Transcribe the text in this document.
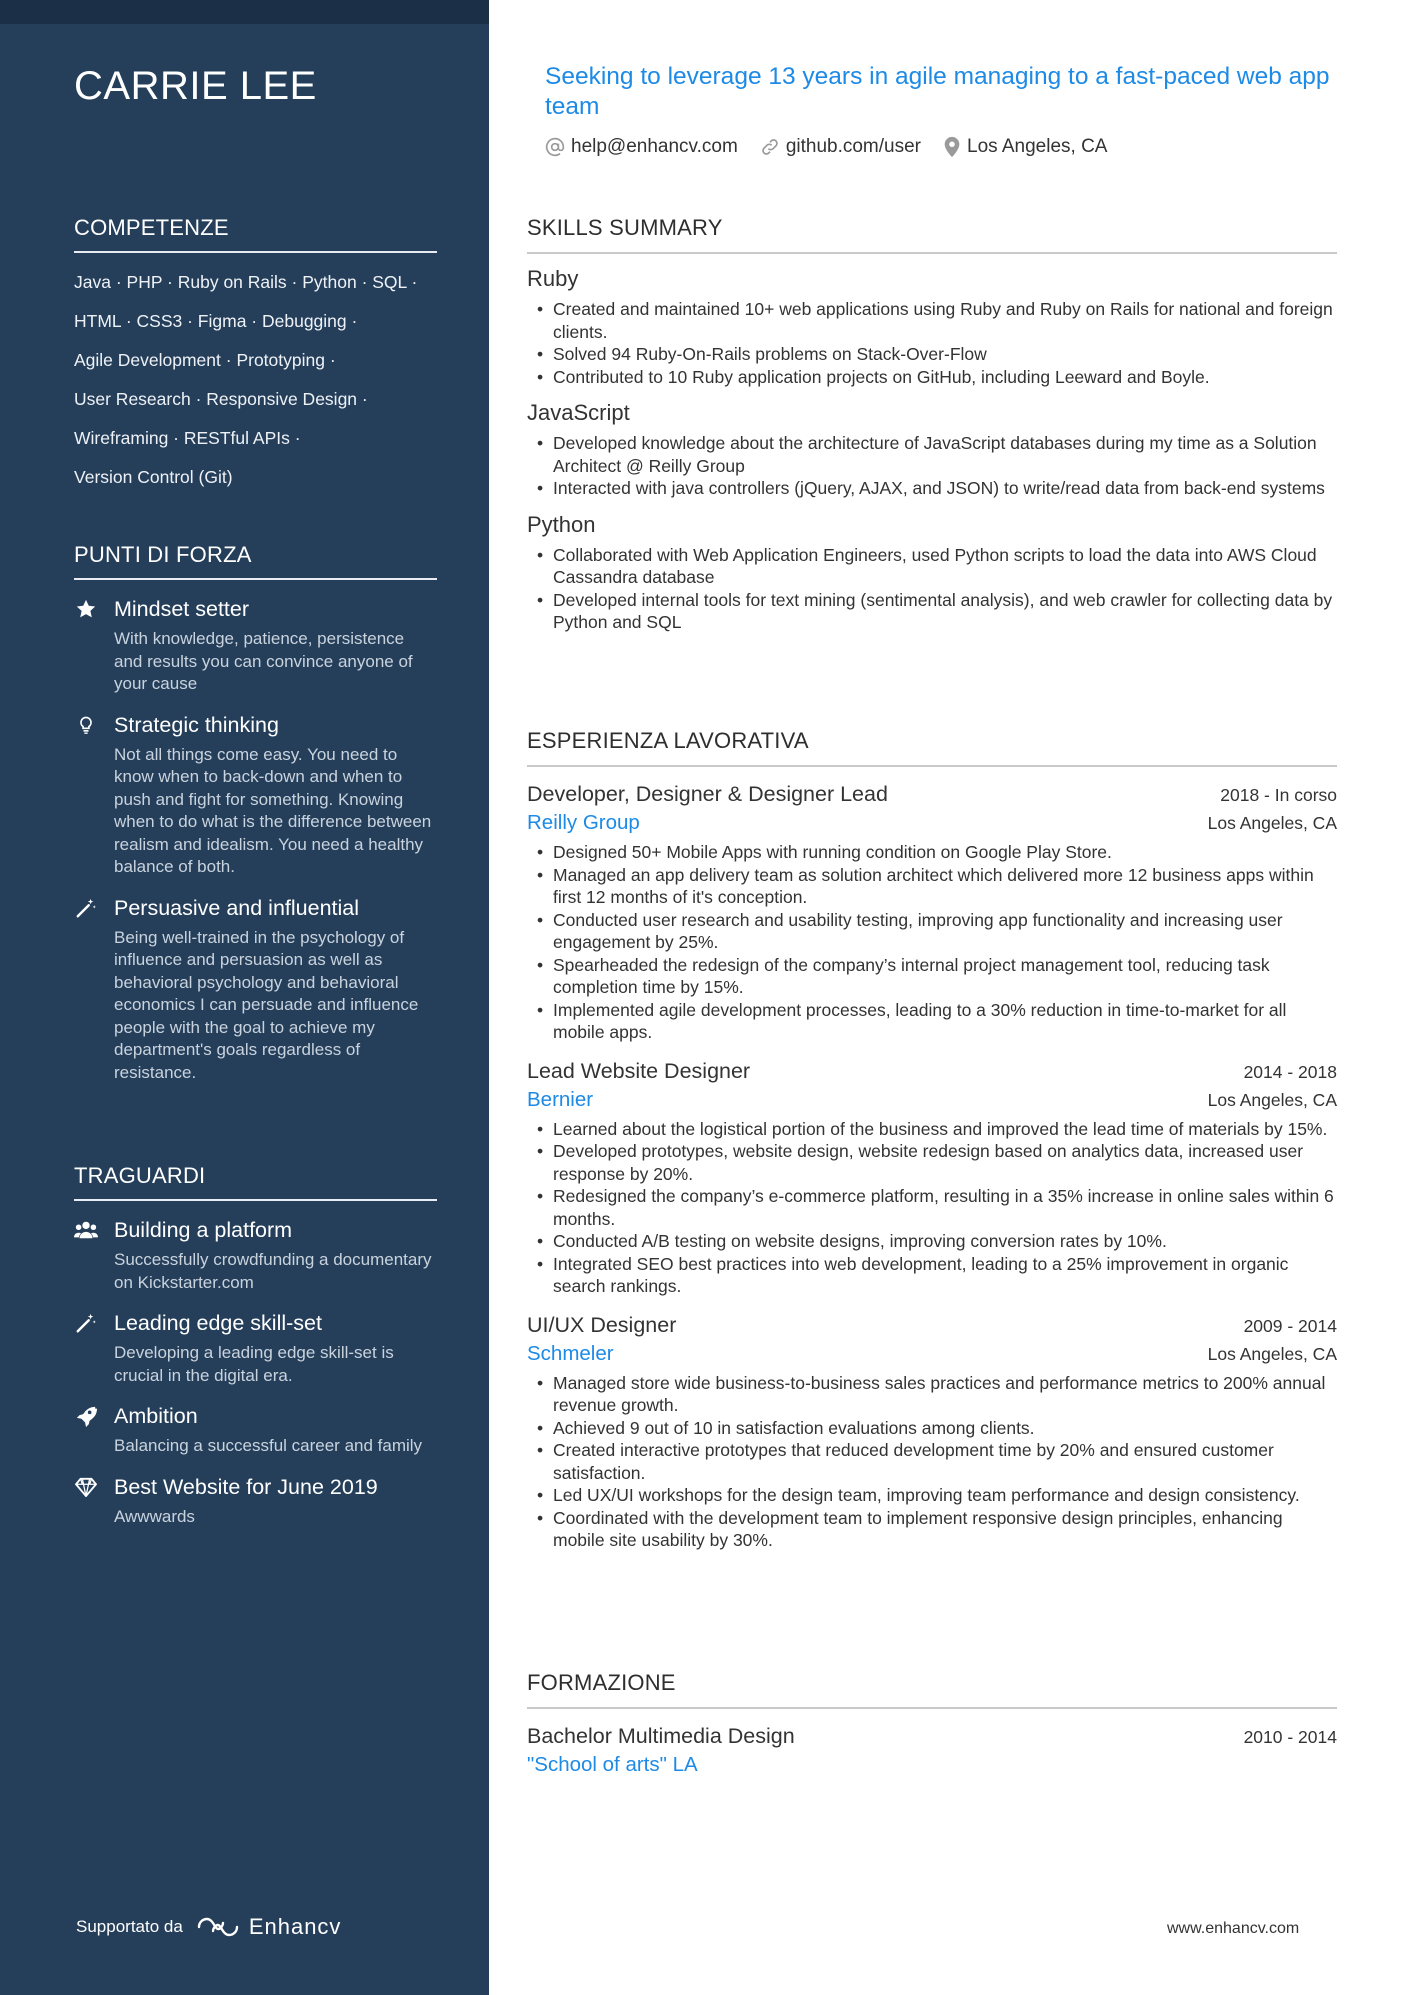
CARRIE LEE
COMPETENZE
Java · PHP · Ruby on Rails · Python · SQL ·
HTML · CSS3 · Figma · Debugging ·
Agile Development · Prototyping ·
User Research · Responsive Design ·
Wireframing · RESTful APIs ·
Version Control (Git)
PUNTI DI FORZA
Mindset setter
With knowledge, patience, persistence and results you can convince anyone of your cause
Strategic thinking
Not all things come easy. You need to know when to back-down and when to push and fight for something. Knowing when to do what is the difference between realism and idealism. You need a healthy balance of both.
Persuasive and influential
Being well-trained in the psychology of influence and persuasion as well as behavioral psychology and behavioral economics I can persuade and influence people with the goal to achieve my department's goals regardless of resistance.
TRAGUARDI
Building a platform
Successfully crowdfunding a documentary on Kickstarter.com
Leading edge skill-set
Developing a leading edge skill-set is crucial in the digital era.
Ambition
Balancing a successful career and family
Best Website for June 2019
Awwwards
Supportato da	Enhancv
Seeking to leverage 13 years in agile managing to a fast-paced web app team
help@enhancv.com	github.com/user Los Angeles, CA
SKILLS SUMMARY
Ruby
• Created and maintained 10+ web applications using Ruby and Ruby on Rails for national and foreign clients.
• Solved 94 Ruby-On-Rails problems on Stack-Over-Flow
• Contributed to 10 Ruby application projects on GitHub, including Leeward and Boyle.
JavaScript
• Developed knowledge about the architecture of JavaScript databases during my time as a Solution Architect @ Reilly Group
• Interacted with java controllers (jQuery, AJAX, and JSON) to write/read data from back-end systems
Python
• Collaborated with Web Application Engineers, used Python scripts to load the data into AWS Cloud Cassandra database
• Developed internal tools for text mining (sentimental analysis), and web crawler for collecting data by Python and SQL
ESPERIENZA LAVORATIVA
Developer, Designer & Designer Lead	2018 - In corso
Reilly Group	Los Angeles, CA
• Designed 50+ Mobile Apps with running condition on Google Play Store.
• Managed an app delivery team as solution architect which delivered more 12 business apps within first 12 months of it's conception.
• Conducted user research and usability testing, improving app functionality and increasing user engagement by 25%.
• Spearheaded the redesign of the company’s internal project management tool, reducing task completion time by 15%.
• Implemented agile development processes, leading to a 30% reduction in time-to-market for all mobile apps.
Lead Website Designer	2014 - 2018
Bernier	Los Angeles, CA
• Learned about the logistical portion of the business and improved the lead time of materials by 15%.
• Developed prototypes, website design, website redesign based on analytics data, increased user response by 20%.
• Redesigned the company’s e-commerce platform, resulting in a 35% increase in online sales within 6 months.
• Conducted A/B testing on website designs, improving conversion rates by 10%.
• Integrated SEO best practices into web development, leading to a 25% improvement in organic search rankings.
UI/UX Designer	2009 - 2014
Schmeler	Los Angeles, CA
• Managed store wide business-to-business sales practices and performance metrics to 200% annual revenue growth.
• Achieved 9 out of 10 in satisfaction evaluations among clients.
• Created interactive prototypes that reduced development time by 20% and ensured customer satisfaction.
• Led UX/UI workshops for the design team, improving team performance and design consistency.
• Coordinated with the development team to implement responsive design principles, enhancing mobile site usability by 30%.
FORMAZIONE
Bachelor Multimedia Design	2010 - 2014
"School of arts" LA
www.enhancv.com
